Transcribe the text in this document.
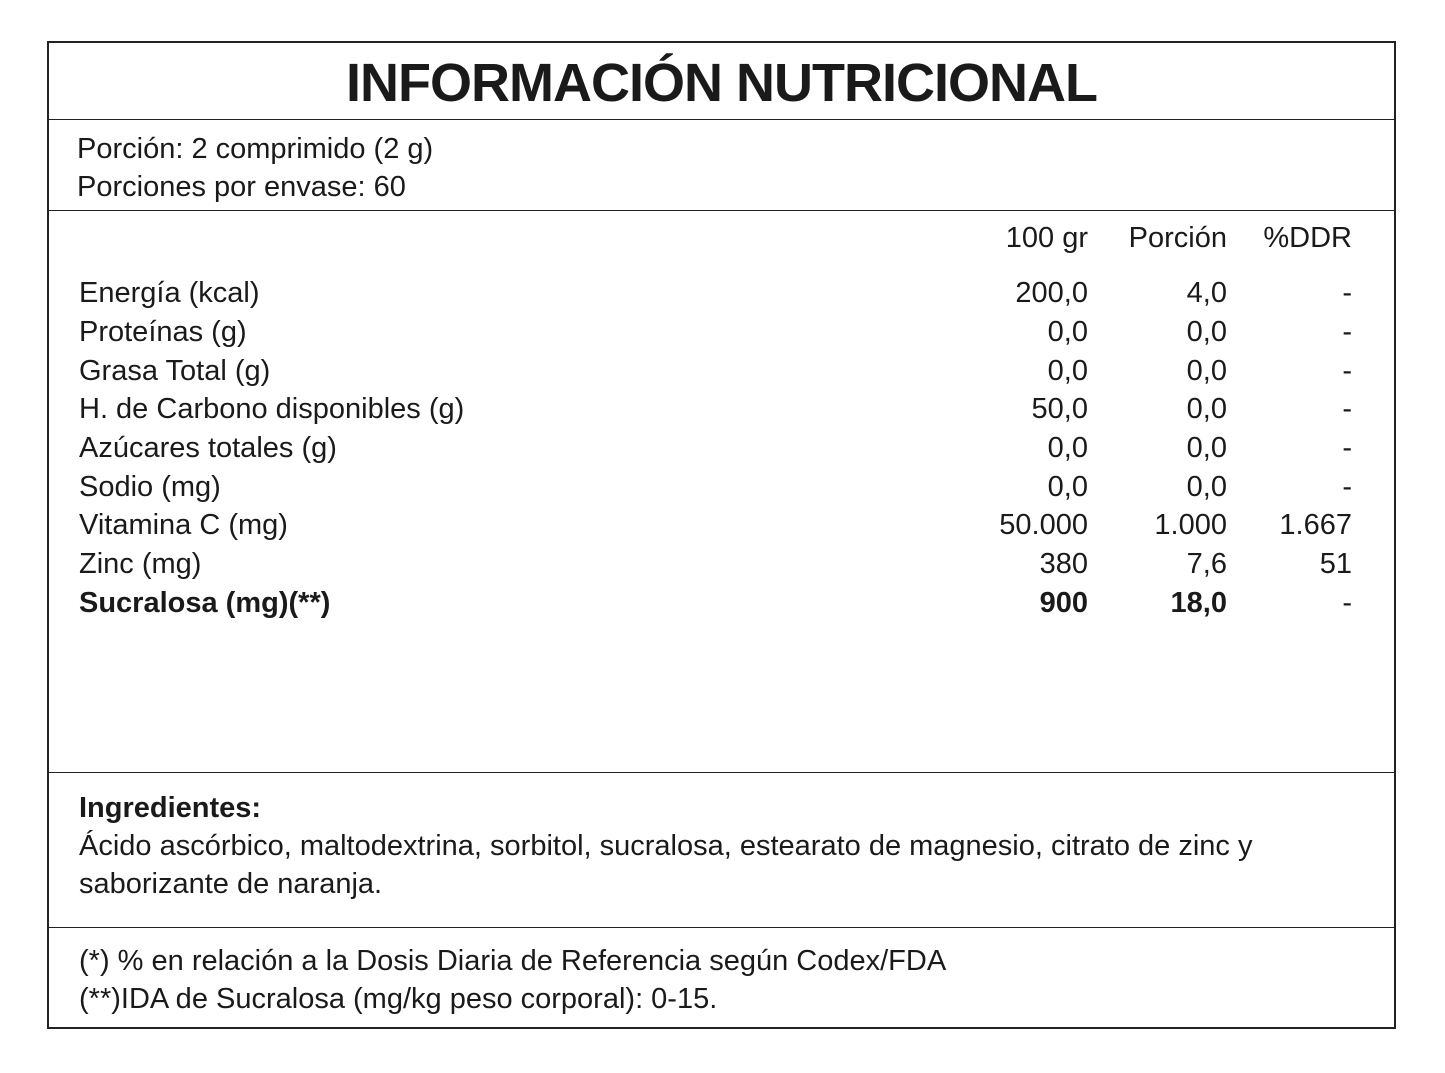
INFORMACIÓN NUTRICIONAL
Porción: 2 comprimido (2 g)
Porciones por envase: 60
100 gr Porción %DDR
Energía (kcal)	200,0	4,0	-
Proteínas (g)	0,0	0,0	-
Grasa Total (g)	0,0	0,0	-
H. de Carbono disponibles (g)	50,0	0,0	-
Azúcares totales (g)	0,0	0,0	-
Sodio (mg)	0,0	0,0	-
Vitamina C (mg)	50.000 1.000 1.667
Zinc (mg)	380	7,6	51
Sucralosa (mg)(**)	900	18,0	-
Ingredientes:
Ácido ascórbico, maltodextrina, sorbitol, sucralosa, estearato de magnesio, citrato de zinc y saborizante de naranja.
(*) % en relación a la Dosis Diaria de Referencia según Codex/FDA
(**)IDA de Sucralosa (mg/kg peso corporal): 0-15.
